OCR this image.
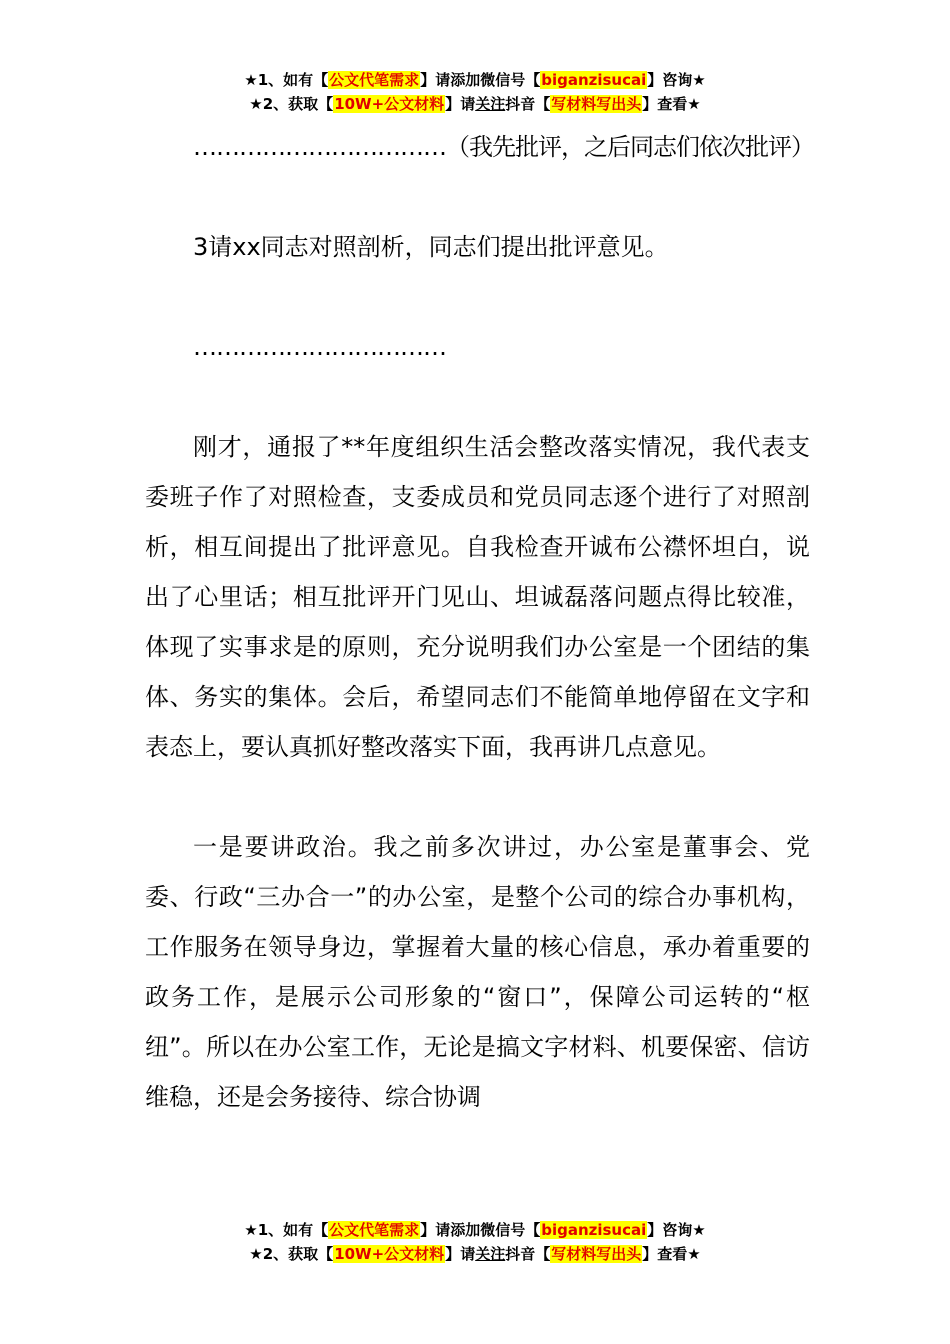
★1、如有【公文代笔需求】请添加微信号【biganzisucai】咨询★
★2、获取【10W+公文材料】请关注抖音【写材料写出头】查看★

……………………………（我先批评，之后同志们依次批评）

3请xx同志对照剖析，同志们提出批评意见。

……………………………

刚才，通报了**年度组织生活会整改落实情况，我代表支委班子作了对照检查，支委成员和党员同志逐个进行了对照剖析，相互间提出了批评意见。自我检查开诚布公襟怀坦白，说出了心里话；相互批评开门见山、坦诚磊落问题点得比较准，体现了实事求是的原则，充分说明我们办公室是一个团结的集体、务实的集体。会后，希望同志们不能简单地停留在文字和表态上，要认真抓好整改落实下面，我再讲几点意见。

一是要讲政治。我之前多次讲过，办公室是董事会、党委、行政“三办合一”的办公室，是整个公司的综合办事机构，工作服务在领导身边，掌握着大量的核心信息，承办着重要的政务工作，是展示公司形象的“窗口”，保障公司运转的“枢纽”。所以在办公室工作，无论是搞文字材料、机要保密、信访维稳，还是会务接待、综合协调

★1、如有【公文代笔需求】请添加微信号【biganzisucai】咨询★
★2、获取【10W+公文材料】请关注抖音【写材料写出头】查看★
